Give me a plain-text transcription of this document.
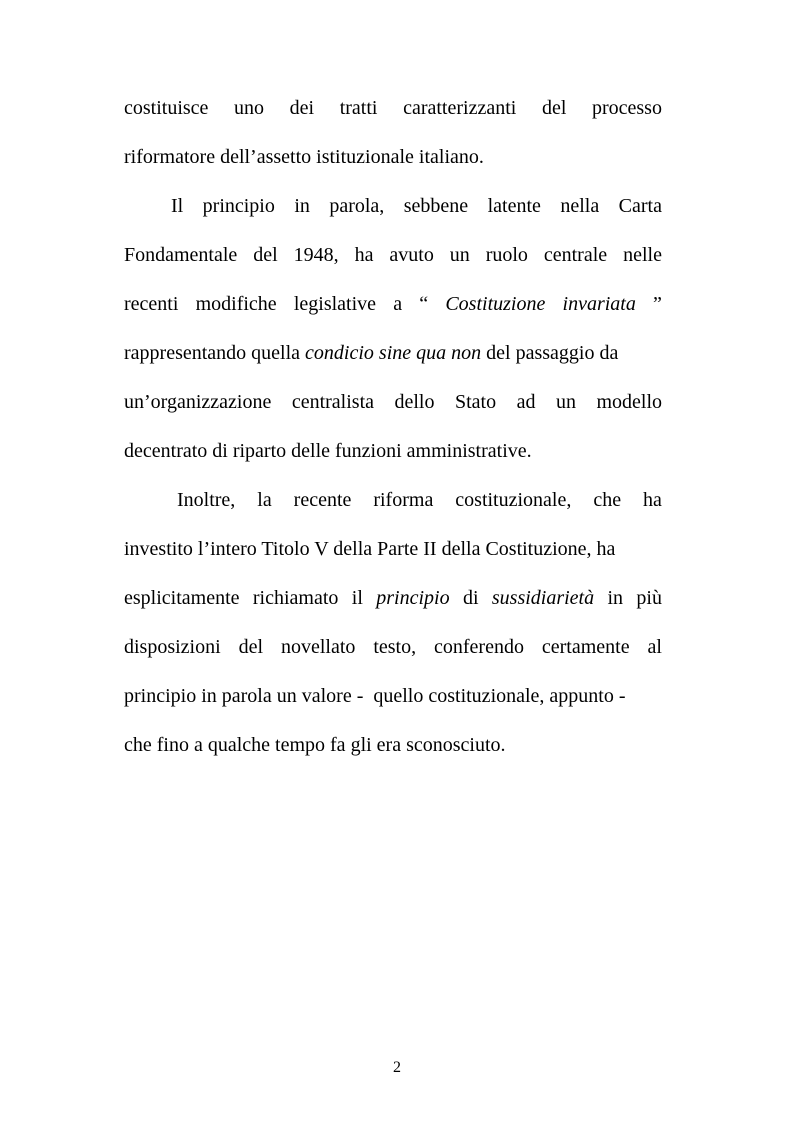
costituisce uno dei tratti caratterizzanti del processo
riformatore dell’assetto istituzionale italiano.
Il principio in parola, sebbene latente nella Carta
Fondamentale del 1948, ha avuto un ruolo centrale nelle
recenti modifiche legislative a “ Costituzione invariata ”
rappresentando quella condicio sine qua non del passaggio da
un’organizzazione centralista dello Stato ad un modello
decentrato di riparto delle funzioni amministrative.
Inoltre, la recente riforma costituzionale, che ha
investito l’intero Titolo V della Parte II della Costituzione, ha
esplicitamente richiamato il principio di sussidiarietà in più
disposizioni del novellato testo, conferendo certamente al
principio in parola un valore -  quello costituzionale, appunto -
che fino a qualche tempo fa gli era sconosciuto.
2
